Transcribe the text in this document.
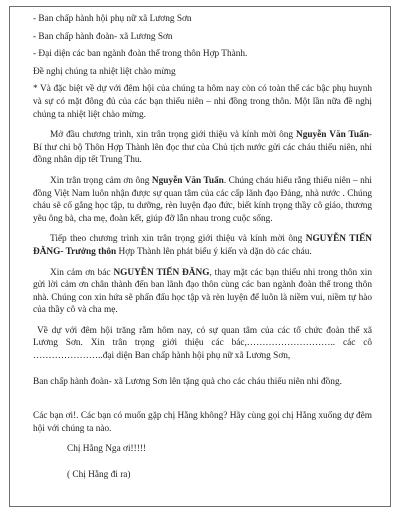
- Ban chấp hành hội phụ nữ xã Lương Sơn

- Ban chấp hành đoàn- xã Lương Sơn

- Đại diện các ban ngành đoàn thể trong thôn Hợp Thành.

Đề nghị chúng ta nhiệt liệt chào mừng

* Và đặc biệt về dự với đêm hội của chúng ta hôm nay còn có toàn thể các bậc phụ huynh và sự có mặt đông đủ của các bạn thiếu niên – nhi đồng trong thôn. Một lần nữa đề nghị chúng ta nhiệt liệt chào mừng.

Mở đầu chương trình, xin trân trọng giới thiệu và kính mời ông Nguyễn Văn Tuấn- Bí thư chi bộ Thôn Hợp Thành lên đọc thư của Chủ tịch nước gửi các cháu thiếu niên, nhi đồng nhân dịp tết Trung Thu.

Xin trân trọng cảm ơn ông Nguyễn Văn Tuấn. Chúng cháu hiểu rằng thiếu niên – nhi đồng Việt Nam luôn nhận được sự quan tâm của các cấp lãnh đạo Đảng, nhà nước . Chúng cháu sẽ cố gắng học tập, tu dưỡng, rèn luyện đạo đức, biết kính trọng thầy cô giáo, thương yêu ông bà, cha mẹ, đoàn kết, giúp đỡ lẫn nhau trong cuộc sống.

Tiếp theo chương trình xin trân trọng giới thiệu và kính mời ông NGUYỄN TIẾN ĐĂNG- Trưởng thôn Hợp Thành lên phát biểu ý kiến và dặn dò các cháu.

Xin cảm ơn bác NGUYỄN TIẾN ĐĂNG, thay mặt các bạn thiếu nhi trong thôn xin gửi lời cảm ơn chân thành đến ban lãnh đạo thôn cùng các ban ngành đoàn thể trong thôn nhà. Chúng con xin hứa sẽ phấn đấu học tập và rèn luyện để luôn là niềm vui, niềm tự hào của thầy cô và cha mẹ.

Về dự với đêm hội trăng rằm hôm nay, có sự quan tâm của các tổ chức đoàn thể xã Lương Sơn. Xin trân trọng giới thiệu các bác,……………………….. các cô …………………..đại diện Ban chấp hành hội phụ nữ xã Lương Sơn,

Ban chấp hành đoàn- xã Lương Sơn lên tặng quà cho các cháu thiếu niên nhi đồng.

Các bạn ơi!. Các bạn có muốn gặp chị Hằng không? Hãy cùng gọi chị Hằng xuống dự đêm hội với chúng ta nào.

Chị Hằng Nga ơi!!!!!

( Chị Hằng đi ra)
